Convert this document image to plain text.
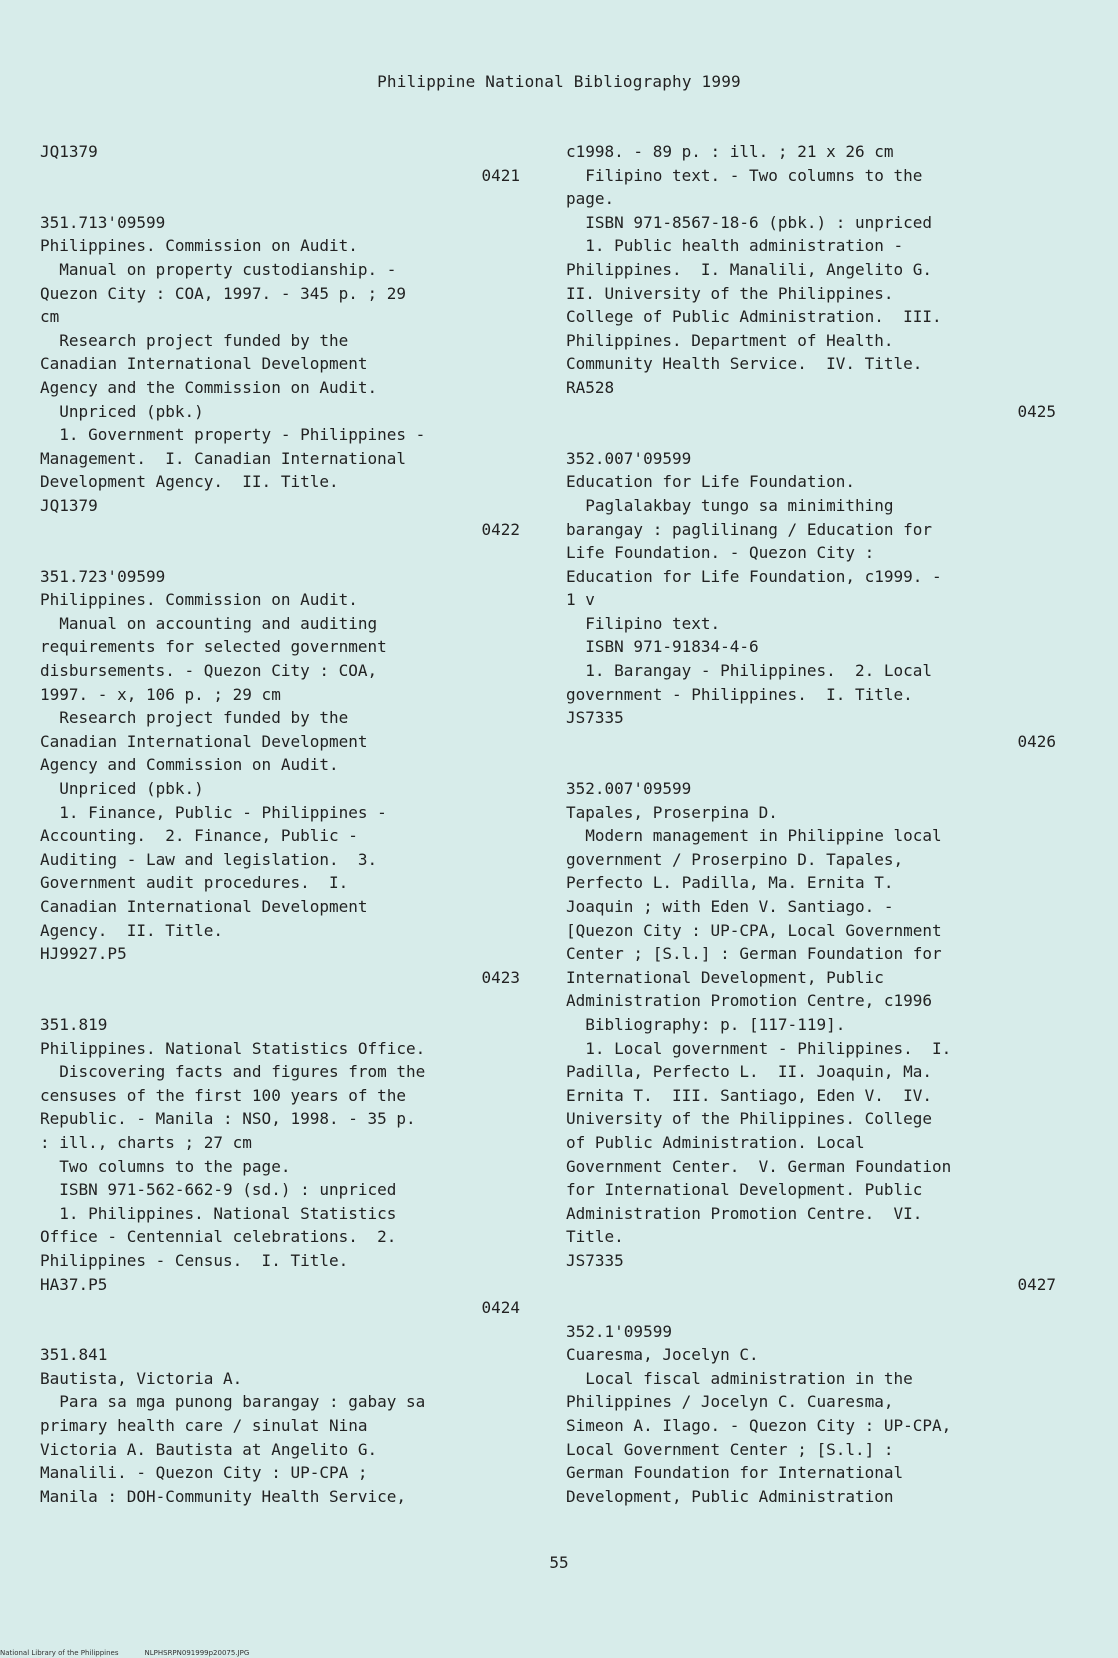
Philippine National Bibliography 1999
JQ1379
0421
351.713'09599
Philippines. Commission on Audit.
Manual on property custodianship. -
Quezon City : COA, 1997. - 345 p. ; 29
cm
Research project funded by the
Canadian International Development
Agency and the Commission on Audit.
Unpriced (pbk.)
1. Government property - Philippines -
Management.  I. Canadian International
Development Agency.  II. Title.
JQ1379
0422
351.723'09599
Philippines. Commission on Audit.
Manual on accounting and auditing
requirements for selected government
disbursements. - Quezon City : COA,
1997. - x, 106 p. ; 29 cm
Research project funded by the
Canadian International Development
Agency and Commission on Audit.
Unpriced (pbk.)
1. Finance, Public - Philippines -
Accounting.  2. Finance, Public -
Auditing - Law and legislation.  3.
Government audit procedures.  I.
Canadian International Development
Agency.  II. Title.
HJ9927.P5
0423
351.819
Philippines. National Statistics Office.
Discovering facts and figures from the
censuses of the first 100 years of the
Republic. - Manila : NSO, 1998. - 35 p.
: ill., charts ; 27 cm
Two columns to the page.
ISBN 971-562-662-9 (sd.) : unpriced
1. Philippines. National Statistics
Office - Centennial celebrations.  2.
Philippines - Census.  I. Title.
HA37.P5
0424
351.841
Bautista, Victoria A.
Para sa mga punong barangay : gabay sa
primary health care / sinulat Nina
Victoria A. Bautista at Angelito G.
Manalili. - Quezon City : UP-CPA ;
Manila : DOH-Community Health Service,
c1998. - 89 p. : ill. ; 21 x 26 cm
Filipino text. - Two columns to the
page.
ISBN 971-8567-18-6 (pbk.) : unpriced
1. Public health administration -
Philippines.  I. Manalili, Angelito G.
II. University of the Philippines.
College of Public Administration.  III.
Philippines. Department of Health.
Community Health Service.  IV. Title.
RA528
0425
352.007'09599
Education for Life Foundation.
Paglalakbay tungo sa minimithing
barangay : paglilinang / Education for
Life Foundation. - Quezon City :
Education for Life Foundation, c1999. -
1 v
Filipino text.
ISBN 971-91834-4-6
1. Barangay - Philippines.  2. Local
government - Philippines.  I. Title.
JS7335
0426
352.007'09599
Tapales, Proserpina D.
Modern management in Philippine local
government / Proserpino D. Tapales,
Perfecto L. Padilla, Ma. Ernita T.
Joaquin ; with Eden V. Santiago. -
[Quezon City : UP-CPA, Local Government
Center ; [S.l.] : German Foundation for
International Development, Public
Administration Promotion Centre, c1996
Bibliography: p. [117-119].
1. Local government - Philippines.  I.
Padilla, Perfecto L.  II. Joaquin, Ma.
Ernita T.  III. Santiago, Eden V.  IV.
University of the Philippines. College
of Public Administration. Local
Government Center.  V. German Foundation
for International Development. Public
Administration Promotion Centre.  VI.
Title.
JS7335
0427
352.1'09599
Cuaresma, Jocelyn C.
Local fiscal administration in the
Philippines / Jocelyn C. Cuaresma,
Simeon A. Ilago. - Quezon City : UP-CPA,
Local Government Center ; [S.l.] :
German Foundation for International
Development, Public Administration
55
National Library of the Philippines	NLPHSRPN091999p20075.JPG
